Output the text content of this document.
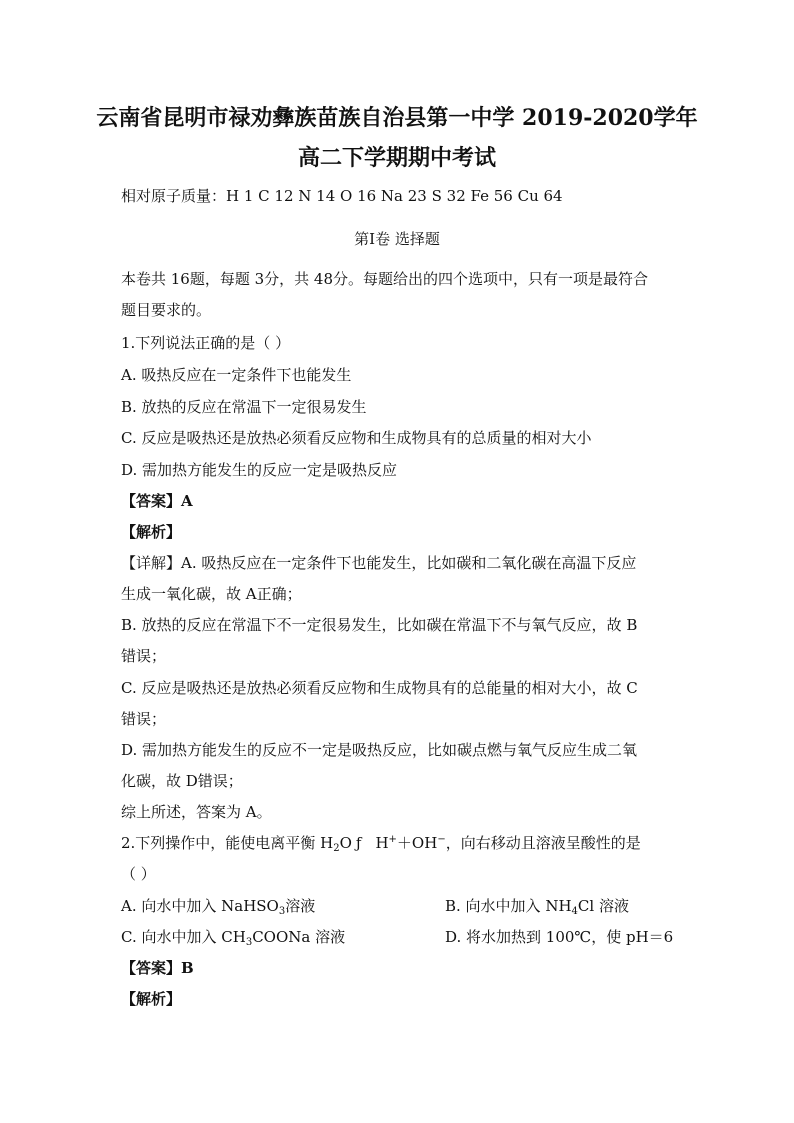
云南省昆明市禄劝彝族苗族自治县第一中学 2019-2020学年
高二下学期期中考试
相对原子质量：H 1 C 12 N 14 O 16 Na 23 S 32 Fe 56 Cu 64
第Ⅰ卷 选择题
本卷共 16题，每题 3分，共 48分。每题给出的四个选项中，只有一项是最符合
题目要求的。
1.下列说法正确的是（ ）
A. 吸热反应在一定条件下也能发生
B. 放热的反应在常温下一定很易发生
C. 反应是吸热还是放热必须看反应物和生成物具有的总质量的相对大小
D. 需加热方能发生的反应一定是吸热反应
【答案】A
【解析】
【详解】A. 吸热反应在一定条件下也能发生，比如碳和二氧化碳在高温下反应
生成一氧化碳，故 A正确；
B. 放热的反应在常温下不一定很易发生，比如碳在常温下不与氧气反应，故 B
错误；
C. 反应是吸热还是放热必须看反应物和生成物具有的总能量的相对大小，故 C
错误；
D. 需加热方能发生的反应不一定是吸热反应，比如碳点燃与氧气反应生成二氧
化碳，故 D错误；
综上所述，答案为 A。
2.下列操作中，能使电离平衡 $H_2O$ ƒ H+＋OH−，向右移动且溶液呈酸性的是
（ ）
A. 向水中加入 NaHSO$_3$溶液	B. 向水中加入 $NH_4Cl$ 溶液
C. 向水中加入 $CH_3COONa$ 溶液	D. 将水加热到 100℃，使 pH＝6
【答案】B
【解析】
